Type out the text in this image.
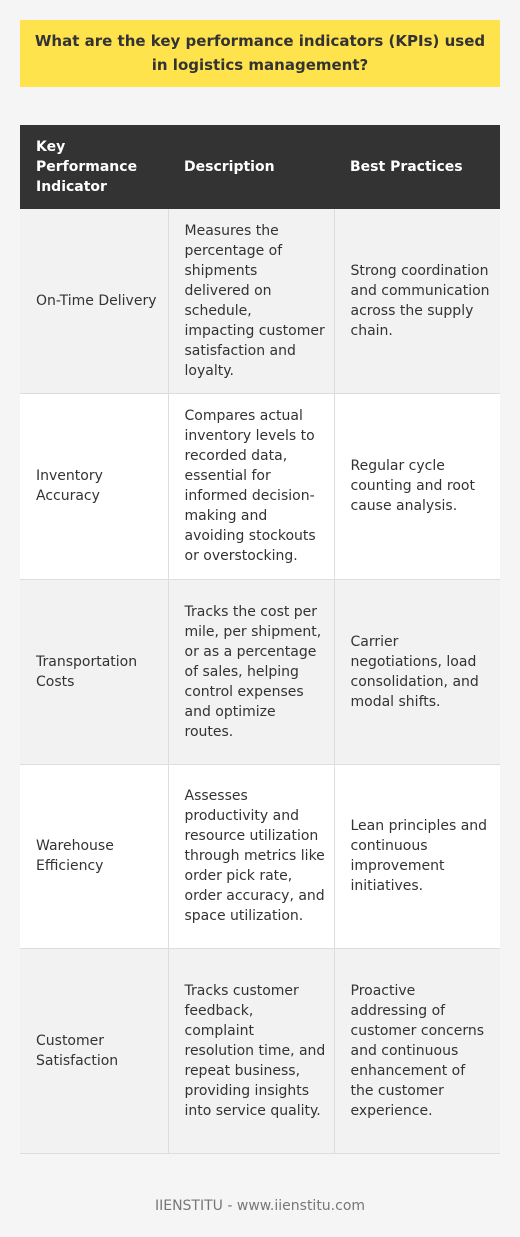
What are the key performance indicators (KPIs) used in logistics management?
Key Performance Indicator	Description	Best Practices
On-Time Delivery	Measures the percentage of shipments delivered on schedule, impacting customer satisfaction and loyalty.	Strong coordination and communication across the supply chain.
Inventory Accuracy	Compares actual inventory levels to recorded data, essential for informed decision-making and avoiding stockouts or overstocking.	Regular cycle counting and root cause analysis.
Transportation Costs	Tracks the cost per mile, per shipment, or as a percentage of sales, helping control expenses and optimize routes.	Carrier negotiations, load consolidation, and modal shifts.
Warehouse Efficiency	Assesses productivity and resource utilization through metrics like order pick rate, order accuracy, and space utilization.	Lean principles and continuous improvement initiatives.
Customer Satisfaction	Tracks customer feedback, complaint resolution time, and repeat business, providing insights into service quality.	Proactive addressing of customer concerns and continuous enhancement of the customer experience.
IIENSTITU - www.iienstitu.com
